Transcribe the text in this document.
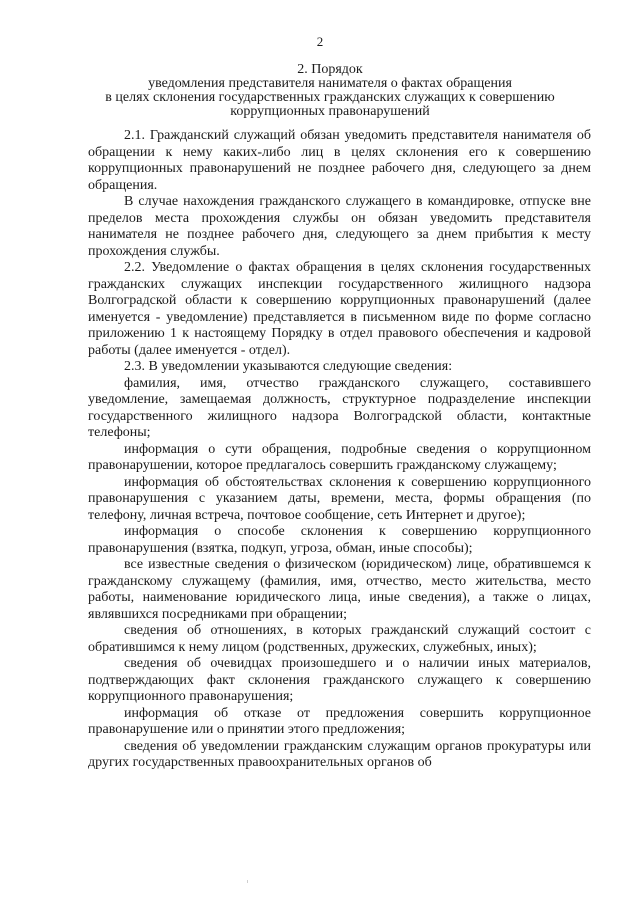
2
2. Порядок
уведомления представителя нанимателя о фактах обращения
в целях склонения государственных гражданских служащих к совершению
коррупционных правонарушений

2.1. Гражданский служащий обязан уведомить представителя нанимателя об обращении к нему каких-либо лиц в целях склонения его к совершению коррупционных правонарушений не позднее рабочего дня, следующего за днем обращения.

В случае нахождения гражданского служащего в командировке, отпуске вне пределов места прохождения службы он обязан уведомить представителя нанимателя не позднее рабочего дня, следующего за днем прибытия к месту прохождения службы.

2.2. Уведомление о фактах обращения в целях склонения государственных гражданских служащих инспекции государственного жилищного надзора Волгоградской области к совершению коррупционных правонарушений (далее именуется - уведомление) представляется в письменном виде по форме согласно приложению 1 к настоящему Порядку в отдел правового обеспечения и кадровой работы (далее именуется - отдел).

2.3. В уведомлении указываются следующие сведения:

фамилия, имя, отчество гражданского служащего, составившего уведомление, замещаемая должность, структурное подразделение инспекции государственного жилищного надзора Волгоградской области, контактные телефоны;

информация о сути обращения, подробные сведения о коррупционном правонарушении, которое предлагалось совершить гражданскому служащему;

информация об обстоятельствах склонения к совершению коррупционного правонарушения с указанием даты, времени, места, формы обращения (по телефону, личная встреча, почтовое сообщение, сеть Интернет и другое);

информация о способе склонения к совершению коррупционного правонарушения (взятка, подкуп, угроза, обман, иные способы);

все известные сведения о физическом (юридическом) лице, обратившемся к гражданскому служащему (фамилия, имя, отчество, место жительства, место работы, наименование юридического лица, иные сведения), а также о лицах, являвшихся посредниками при обращении;

сведения об отношениях, в которых гражданский служащий состоит с обратившимся к нему лицом (родственных, дружеских, служебных, иных);

сведения об очевидцах произошедшего и о наличии иных материалов, подтверждающих факт склонения гражданского служащего к совершению коррупционного правонарушения;

информация об отказе от предложения совершить коррупционное правонарушение или о принятии этого предложения;

сведения об уведомлении гражданским служащим органов прокуратуры или других государственных правоохранительных органов об
